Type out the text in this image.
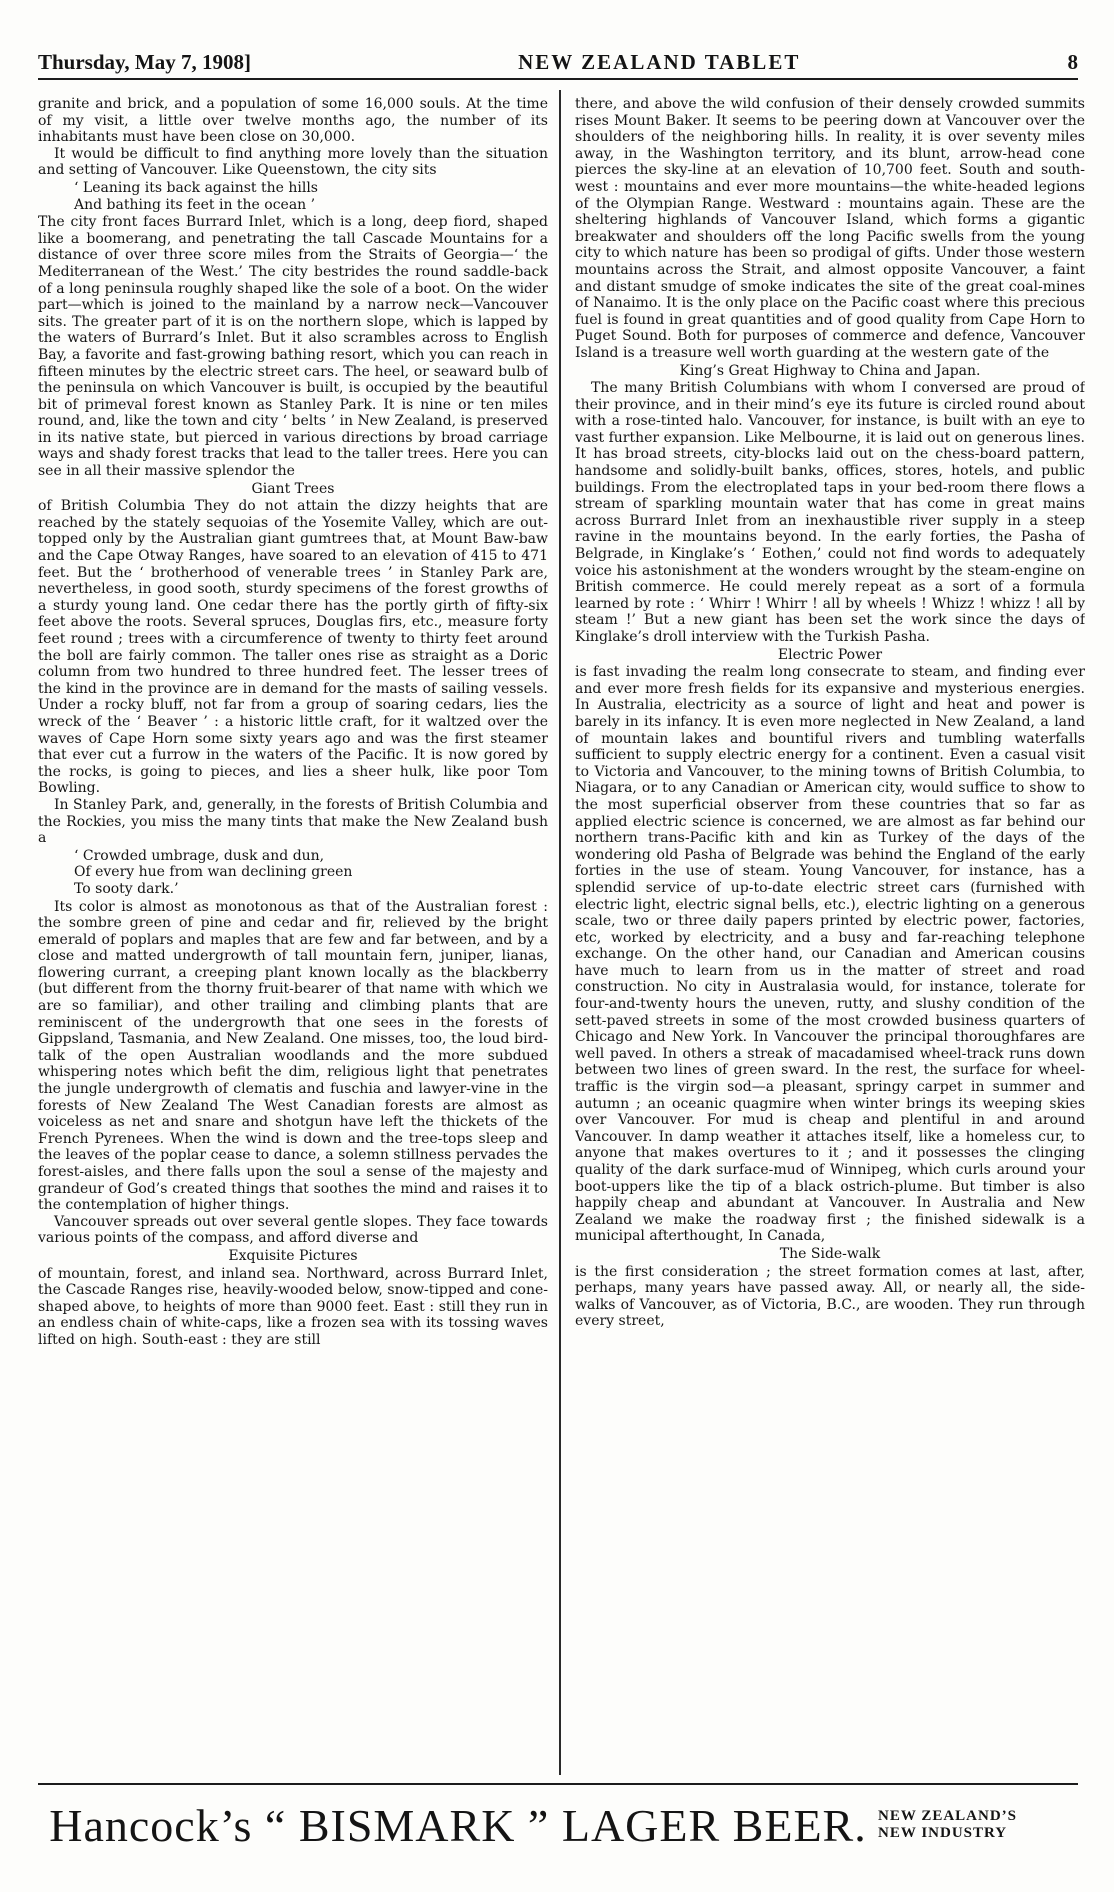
Thursday, May 7, 1908]	NEW ZEALAND TABLET	8

granite and brick, and a population of some 16,000 souls. At the time of my visit, a little over twelve months ago, the number of its inhabitants must have been close on 30,000.

It would be difficult to find anything more lovely than the situation and setting of Vancouver. Like Queenstown, the city sits

‘ Leaning its back against the hills
And bathing its feet in the ocean ’

The city front faces Burrard Inlet, which is a long, deep fiord, shaped like a boomerang, and penetrating the tall Cascade Mountains for a distance of over three score miles from the Straits of Georgia—‘ the Mediterranean of the West.’ The city bestrides the round saddle-back of a long peninsula roughly shaped like the sole of a boot. On the wider part—which is joined to the mainland by a narrow neck—Vancouver sits. The greater part of it is on the northern slope, which is lapped by the waters of Burrard’s Inlet. But it also scrambles across to English Bay, a favorite and fast-growing bathing resort, which you can reach in fifteen minutes by the electric street cars. The heel, or seaward bulb of the peninsula on which Vancouver is built, is occupied by the beautiful bit of primeval forest known as Stanley Park. It is nine or ten miles round, and, like the town and city ‘ belts ’ in New Zealand, is preserved in its native state, but pierced in various directions by broad carriage ways and shady forest tracks that lead to the taller trees. Here you can see in all their massive splendor the

Giant Trees

of British Columbia They do not attain the dizzy heights that are reached by the stately sequoias of the Yosemite Valley, which are out-topped only by the Australian giant gumtrees that, at Mount Baw-baw and the Cape Otway Ranges, have soared to an elevation of 415 to 471 feet. But the ‘ brotherhood of venerable trees ’ in Stanley Park are, nevertheless, in good sooth, sturdy specimens of the forest growths of a sturdy young land. One cedar there has the portly girth of fifty-six feet above the roots. Several spruces, Douglas firs, etc., measure forty feet round ; trees with a circumference of twenty to thirty feet around the boll are fairly common. The taller ones rise as straight as a Doric column from two hundred to three hundred feet. The lesser trees of the kind in the province are in demand for the masts of sailing vessels. Under a rocky bluff, not far from a group of soaring cedars, lies the wreck of the ‘ Beaver ’ : a historic little craft, for it waltzed over the waves of Cape Horn some sixty years ago and was the first steamer that ever cut a furrow in the waters of the Pacific. It is now gored by the rocks, is going to pieces, and lies a sheer hulk, like poor Tom Bowling.

In Stanley Park, and, generally, in the forests of British Columbia and the Rockies, you miss the many tints that make the New Zealand bush a

‘ Crowded umbrage, dusk and dun,
Of every hue from wan declining green
To sooty dark.’

Its color is almost as monotonous as that of the Australian forest : the sombre green of pine and cedar and fir, relieved by the bright emerald of poplars and maples that are few and far between, and by a close and matted undergrowth of tall mountain fern, juniper, lianas, flowering currant, a creeping plant known locally as the blackberry (but different from the thorny fruit-bearer of that name with which we are so familiar), and other trailing and climbing plants that are reminiscent of the undergrowth that one sees in the forests of Gippsland, Tasmania, and New Zealand. One misses, too, the loud bird-talk of the open Australian woodlands and the more subdued whispering notes which befit the dim, religious light that penetrates the jungle undergrowth of clematis and fuschia and lawyer-vine in the forests of New Zealand The West Canadian forests are almost as voiceless as net and snare and shotgun have left the thickets of the French Pyrenees. When the wind is down and the tree-tops sleep and the leaves of the poplar cease to dance, a solemn stillness pervades the forest-aisles, and there falls upon the soul a sense of the majesty and grandeur of God’s created things that soothes the mind and raises it to the contemplation of higher things.

Vancouver spreads out over several gentle slopes. They face towards various points of the compass, and afford diverse and

Exquisite Pictures

of mountain, forest, and inland sea. Northward, across Burrard Inlet, the Cascade Ranges rise, heavily-wooded below, snow-tipped and cone-shaped above, to heights of more than 9000 feet. East : still they run in an endless chain of white-caps, like a frozen sea with its tossing waves lifted on high. South-east : they are still

there, and above the wild confusion of their densely crowded summits rises Mount Baker. It seems to be peering down at Vancouver over the shoulders of the neighboring hills. In reality, it is over seventy miles away, in the Washington territory, and its blunt, arrow-head cone pierces the sky-line at an elevation of 10,700 feet. South and south-west : mountains and ever more mountains—the white-headed legions of the Olympian Range. Westward : mountains again. These are the sheltering highlands of Vancouver Island, which forms a gigantic breakwater and shoulders off the long Pacific swells from the young city to which nature has been so prodigal of gifts. Under those western mountains across the Strait, and almost opposite Vancouver, a faint and distant smudge of smoke indicates the site of the great coal-mines of Nanaimo. It is the only place on the Pacific coast where this precious fuel is found in great quantities and of good quality from Cape Horn to Puget Sound. Both for purposes of commerce and defence, Vancouver Island is a treasure well worth guarding at the western gate of the

King’s Great Highway to China and Japan.

The many British Columbians with whom I conversed are proud of their province, and in their mind’s eye its future is circled round about with a rose-tinted halo. Vancouver, for instance, is built with an eye to vast further expansion. Like Melbourne, it is laid out on generous lines. It has broad streets, city-blocks laid out on the chess-board pattern, handsome and solidly-built banks, offices, stores, hotels, and public buildings. From the electroplated taps in your bed-room there flows a stream of sparkling mountain water that has come in great mains across Burrard Inlet from an inexhaustible river supply in a steep ravine in the mountains beyond. In the early forties, the Pasha of Belgrade, in Kinglake’s ‘ Eothen,’ could not find words to adequately voice his astonishment at the wonders wrought by the steam-engine on British commerce. He could merely repeat as a sort of a formula learned by rote : ‘ Whirr ! Whirr ! all by wheels ! Whizz ! whizz ! all by steam !’ But a new giant has been set the work since the days of Kinglake’s droll interview with the Turkish Pasha.

Electric Power

is fast invading the realm long consecrate to steam, and finding ever and ever more fresh fields for its expansive and mysterious energies. In Australia, electricity as a source of light and heat and power is barely in its infancy. It is even more neglected in New Zealand, a land of mountain lakes and bountiful rivers and tumbling waterfalls sufficient to supply electric energy for a continent. Even a casual visit to Victoria and Vancouver, to the mining towns of British Columbia, to Niagara, or to any Canadian or American city, would suffice to show to the most superficial observer from these countries that so far as applied electric science is concerned, we are almost as far behind our northern trans-Pacific kith and kin as Turkey of the days of the wondering old Pasha of Belgrade was behind the England of the early forties in the use of steam. Young Vancouver, for instance, has a splendid service of up-to-date electric street cars (furnished with electric light, electric signal bells, etc.), electric lighting on a generous scale, two or three daily papers printed by electric power, factories, etc, worked by electricity, and a busy and far-reaching telephone exchange. On the other hand, our Canadian and American cousins have much to learn from us in the matter of street and road construction. No city in Australasia would, for instance, tolerate for four-and-twenty hours the uneven, rutty, and slushy condition of the sett-paved streets in some of the most crowded business quarters of Chicago and New York. In Vancouver the principal thoroughfares are well paved. In others a streak of macadamised wheel-track runs down between two lines of green sward. In the rest, the surface for wheel-traffic is the virgin sod—a pleasant, springy carpet in summer and autumn ; an oceanic quagmire when winter brings its weeping skies over Vancouver. For mud is cheap and plentiful in and around Vancouver. In damp weather it attaches itself, like a homeless cur, to anyone that makes overtures to it ; and it possesses the clinging quality of the dark surface-mud of Winnipeg, which curls around your boot-uppers like the tip of a black ostrich-plume. But timber is also happily cheap and abundant at Vancouver. In Australia and New Zealand we make the roadway first ; the finished sidewalk is a municipal afterthought, In Canada,

The Side-walk

is the first consideration ; the street formation comes at last, after, perhaps, many years have passed away. All, or nearly all, the side-walks of Vancouver, as of Victoria, B.C., are wooden. They run through every street,

Hancock’s “ BISMARK ” LAGER BEER. NEW ZEALAND’S
NEW INDUSTRY
